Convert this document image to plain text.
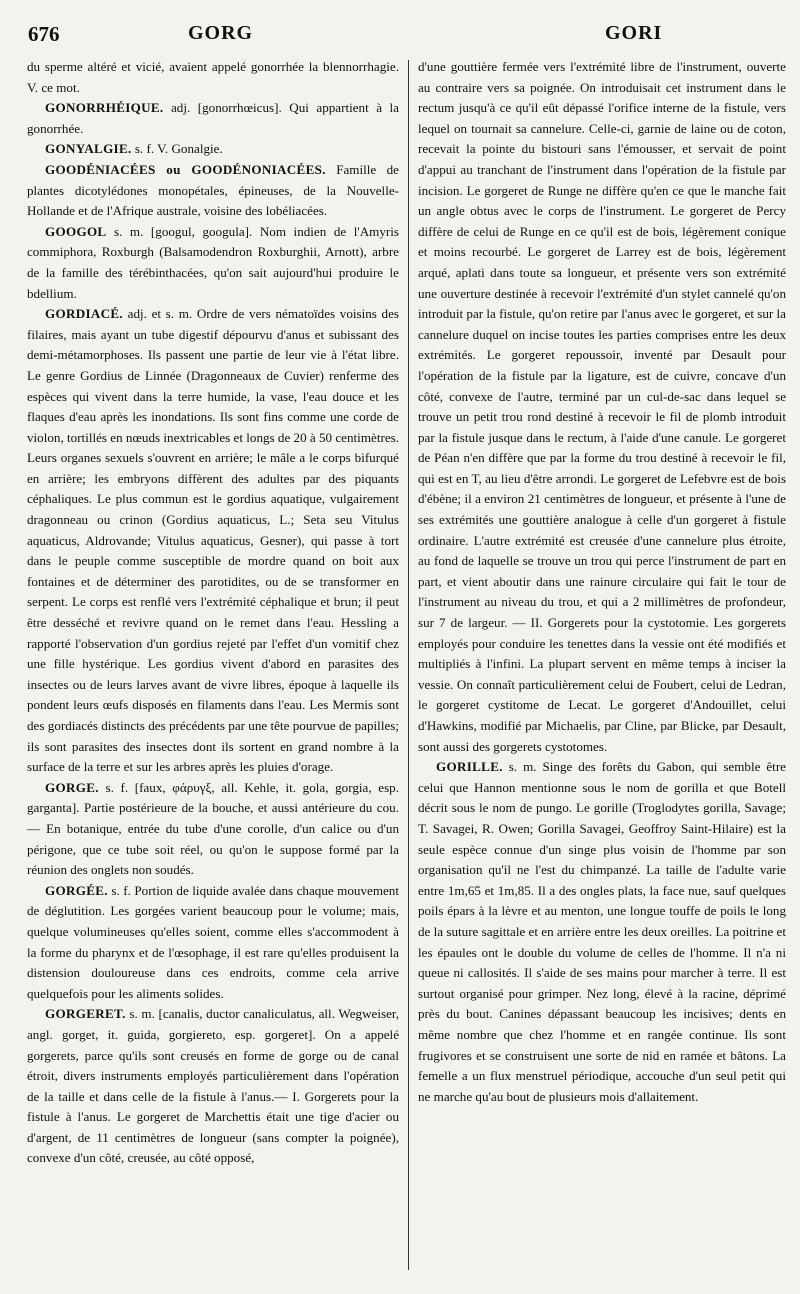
676	GORG	GORI

du sperme altéré et vicié, avaient appelé gonorrhée la blennorrhagie. V. ce mot.

GONORRHÉIQUE. adj. [gonorrhœicus]. Qui appartient à la gonorrhée.

GONYALGIE. s. f. V. Gonalgie.

GOODÉNIACÉES ou GOODÉNONIACÉES. Famille de plantes dicotylédones monopétales, épineuses, de la Nouvelle-Hollande et de l'Afrique australe, voisine des lobéliacées.

GOOGOL s. m. [googul, googula]. Nom indien de l'Amyris commiphora, Roxburgh (Balsamodendron Roxburghii, Arnott), arbre de la famille des térébinthacées, qu'on sait aujourd'hui produire le bdellium.

GORDIACÉ. adj. et s. m. Ordre de vers nématoïdes voisins des filaires, mais ayant un tube digestif dépourvu d'anus et subissant des demi-métamorphoses. Ils passent une partie de leur vie à l'état libre. Le genre Gordius de Linnée (Dragonneaux de Cuvier) renferme des espèces qui vivent dans la terre humide, la vase, l'eau douce et les flaques d'eau après les inondations. Ils sont fins comme une corde de violon, tortillés en nœuds inextricables et longs de 20 à 50 centimètres. Leurs organes sexuels s'ouvrent en arrière; le mâle a le corps bifurqué en arrière; les embryons diffèrent des adultes par des piquants céphaliques. Le plus commun est le gordius aquatique, vulgairement dragonneau ou crinon (Gordius aquaticus, L.; Seta seu Vitulus aquaticus, Aldrovande; Vitulus aquaticus, Gesner), qui passe à tort dans le peuple comme susceptible de mordre quand on boit aux fontaines et de déterminer des parotidites, ou de se transformer en serpent. Le corps est renflé vers l'extrémité céphalique et brun; il peut être desséché et revivre quand on le remet dans l'eau. Hessling a rapporté l'observation d'un gordius rejeté par l'effet d'un vomitif chez une fille hystérique. Les gordius vivent d'abord en parasites des insectes ou de leurs larves avant de vivre libres, époque à laquelle ils pondent leurs œufs disposés en filaments dans l'eau. Les Mermis sont des gordiacés distincts des précédents par une tête pourvue de papilles; ils sont parasites des insectes dont ils sortent en grand nombre à la surface de la terre et sur les arbres après les pluies d'orage.

GORGE. s. f. [faux, φάρυγξ, all. Kehle, it. gola, gorgia, esp. garganta]. Partie postérieure de la bouche, et aussi antérieure du cou. — En botanique, entrée du tube d'une corolle, d'un calice ou d'un périgone, que ce tube soit réel, ou qu'on le suppose formé par la réunion des onglets non soudés.

GORGÉE. s. f. Portion de liquide avalée dans chaque mouvement de déglutition. Les gorgées varient beaucoup pour le volume; mais, quelque volumineuses qu'elles soient, comme elles s'accommodent à la forme du pharynx et de l'œsophage, il est rare qu'elles produisent la distension douloureuse dans ces endroits, comme cela arrive quelquefois pour les aliments solides.

GORGERET. s. m. [canalis, ductor canaliculatus, all. Wegweiser, angl. gorget, it. guida, gorgiereto, esp. gorgeret]. On a appelé gorgerets, parce qu'ils sont creusés en forme de gorge ou de canal étroit, divers instruments employés particulièrement dans l'opération de la taille et dans celle de la fistule à l'anus.— I. Gorgerets pour la fistule à l'anus. Le gorgeret de Marchettis était une tige d'acier ou d'argent, de 11 centimètres de longueur (sans compter la poignée), convexe d'un côté, creusée, au côté opposé,

d'une gouttière fermée vers l'extrémité libre de l'instrument, ouverte au contraire vers sa poignée. On introduisait cet instrument dans le rectum jusqu'à ce qu'il eût dépassé l'orifice interne de la fistule, vers lequel on tournait sa cannelure. Celle-ci, garnie de laine ou de coton, recevait la pointe du bistouri sans l'émousser, et servait de point d'appui au tranchant de l'instrument dans l'opération de la fistule par incision. Le gorgeret de Runge ne diffère qu'en ce que le manche fait un angle obtus avec le corps de l'instrument. Le gorgeret de Percy diffère de celui de Runge en ce qu'il est de bois, légèrement conique et moins recourbé. Le gorgeret de Larrey est de bois, légèrement arqué, aplati dans toute sa longueur, et présente vers son extrémité une ouverture destinée à recevoir l'extrémité d'un stylet cannelé qu'on introduit par la fistule, qu'on retire par l'anus avec le gorgeret, et sur la cannelure duquel on incise toutes les parties comprises entre les deux extrémités. Le gorgeret repoussoir, inventé par Desault pour l'opération de la fistule par la ligature, est de cuivre, concave d'un côté, convexe de l'autre, terminé par un cul-de-sac dans lequel se trouve un petit trou rond destiné à recevoir le fil de plomb introduit par la fistule jusque dans le rectum, à l'aide d'une canule. Le gorgeret de Péan n'en diffère que par la forme du trou destiné à recevoir le fil, qui est en T, au lieu d'être arrondi. Le gorgeret de Lefebvre est de bois d'ébène; il a environ 21 centimètres de longueur, et présente à l'une de ses extrémités une gouttière analogue à celle d'un gorgeret à fistule ordinaire. L'autre extrémité est creusée d'une cannelure plus étroite, au fond de laquelle se trouve un trou qui perce l'instrument de part en part, et vient aboutir dans une rainure circulaire qui fait le tour de l'instrument au niveau du trou, et qui a 2 millimètres de profondeur, sur 7 de largeur. — II. Gorgerets pour la cystotomie. Les gorgerets employés pour conduire les tenettes dans la vessie ont été modifiés et multipliés à l'infini. La plupart servent en même temps à inciser la vessie. On connaît particulièrement celui de Foubert, celui de Ledran, le gorgeret cystitome de Lecat. Le gorgeret d'Andouillet, celui d'Hawkins, modifié par Michaelis, par Cline, par Blicke, par Desault, sont aussi des gorgerets cystotomes.

GORILLE. s. m. Singe des forêts du Gabon, qui semble être celui que Hannon mentionne sous le nom de gorilla et que Botell décrit sous le nom de pungo. Le gorille (Troglodytes gorilla, Savage; T. Savagei, R. Owen; Gorilla Savagei, Geoffroy Saint-Hilaire) est la seule espèce connue d'un singe plus voisin de l'homme par son organisation qu'il ne l'est du chimpanzé. La taille de l'adulte varie entre 1m,65 et 1m,85. Il a des ongles plats, la face nue, sauf quelques poils épars à la lèvre et au menton, une longue touffe de poils le long de la suture sagittale et en arrière entre les deux oreilles. La poitrine et les épaules ont le double du volume de celles de l'homme. Il n'a ni queue ni callosités. Il s'aide de ses mains pour marcher à terre. Il est surtout organisé pour grimper. Nez long, élevé à la racine, déprimé près du bout. Canines dépassant beaucoup les incisives; dents en même nombre que chez l'homme et en rangée continue. Ils sont frugivores et se construisent une sorte de nid en ramée et bâtons. La femelle a un flux menstruel périodique, accouche d'un seul petit qui ne marche qu'au bout de plusieurs mois d'allaitement.
